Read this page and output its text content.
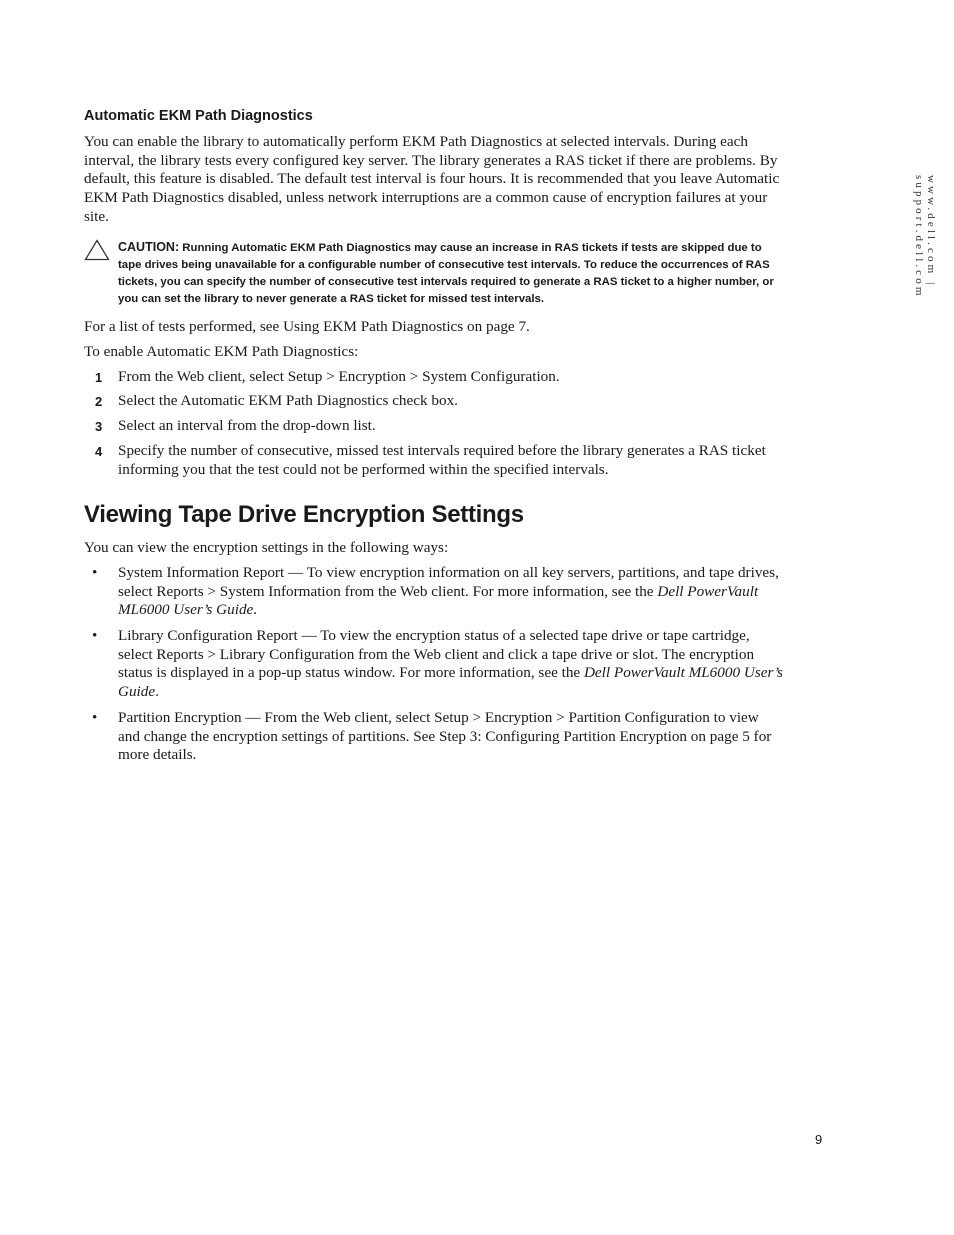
Automatic EKM Path Diagnostics

You can enable the library to automatically perform EKM Path Diagnostics at selected intervals. During each interval, the library tests every configured key server. The library generates a RAS ticket if there are problems. By default, this feature is disabled. The default test interval is four hours. It is recommended that you leave Automatic EKM Path Diagnostics disabled, unless network interruptions are a common cause of encryption failures at your site.

CAUTION: Running Automatic EKM Path Diagnostics may cause an increase in RAS tickets if tests are skipped due to tape drives being unavailable for a configurable number of consecutive test intervals. To reduce the occurrences of RAS tickets, you can specify the number of consecutive test intervals required to generate a RAS ticket to a higher number, or you can set the library to never generate a RAS ticket for missed test intervals.

For a list of tests performed, see Using EKM Path Diagnostics on page 7.

To enable Automatic EKM Path Diagnostics:

1 From the Web client, select Setup > Encryption > System Configuration.
2 Select the Automatic EKM Path Diagnostics check box.
3 Select an interval from the drop-down list.
4 Specify the number of consecutive, missed test intervals required before the library generates a RAS ticket informing you that the test could not be performed within the specified intervals.
Viewing Tape Drive Encryption Settings

You can view the encryption settings in the following ways:

• System Information Report — To view encryption information on all key servers, partitions, and tape drives, select Reports > System Information from the Web client. For more information, see the Dell PowerVault ML6000 User’s Guide.
• Library Configuration Report — To view the encryption status of a selected tape drive or tape cartridge, select Reports > Library Configuration from the Web client and click a tape drive or slot. The encryption status is displayed in a pop-up status window. For more information, see the Dell PowerVault ML6000 User’s Guide.
• Partition Encryption — From the Web client, select Setup > Encryption > Partition Configuration to view and change the encryption settings of partitions. See Step 3: Configuring Partition Encryption on page 5 for more details.
www.dell.com | support.dell.com
9
